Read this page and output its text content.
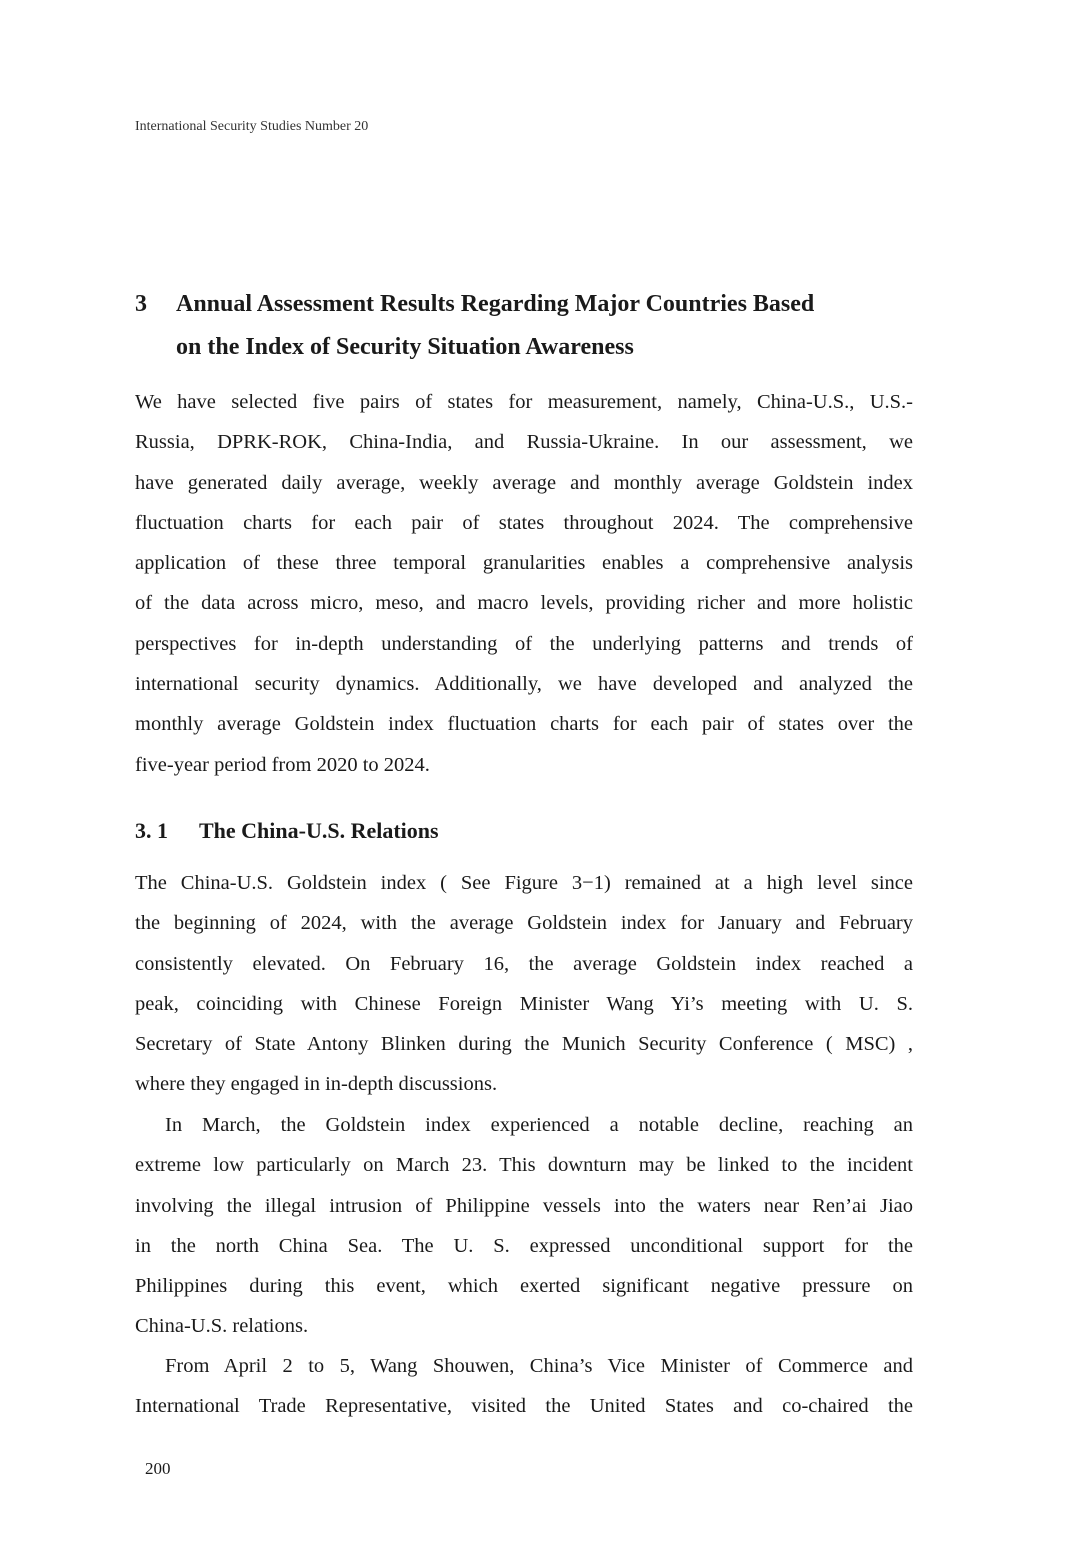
International Security Studies Number 20
3 Annual Assessment Results Regarding Major Countries Based
on the Index of Security Situation Awareness
We have selected five pairs of states for measurement, namely, China-U.S., U.S.-
Russia, DPRK-ROK, China-India, and Russia-Ukraine. In our assessment, we
have generated daily average, weekly average and monthly average Goldstein index
fluctuation charts for each pair of states throughout 2024. The comprehensive
application of these three temporal granularities enables a comprehensive analysis
of the data across micro, meso, and macro levels, providing richer and more holistic
perspectives for in-depth understanding of the underlying patterns and trends of
international security dynamics. Additionally, we have developed and analyzed the
monthly average Goldstein index fluctuation charts for each pair of states over the
five-year period from 2020 to 2024.
3. 1 The China-U.S. Relations
The China-U.S. Goldstein index ( See Figure 3−1) remained at a high level since
the beginning of 2024, with the average Goldstein index for January and February
consistently elevated. On February 16, the average Goldstein index reached a
peak, coinciding with Chinese Foreign Minister Wang Yi’s meeting with U. S.
Secretary of State Antony Blinken during the Munich Security Conference ( MSC) ,
where they engaged in in-depth discussions.
In March, the Goldstein index experienced a notable decline, reaching an
extreme low particularly on March 23. This downturn may be linked to the incident
involving the illegal intrusion of Philippine vessels into the waters near Ren’ai Jiao
in the north China Sea. The U. S. expressed unconditional support for the
Philippines during this event, which exerted significant negative pressure on
China-U.S. relations.
From April 2 to 5, Wang Shouwen, China’s Vice Minister of Commerce and
International Trade Representative, visited the United States and co-chaired the
200
